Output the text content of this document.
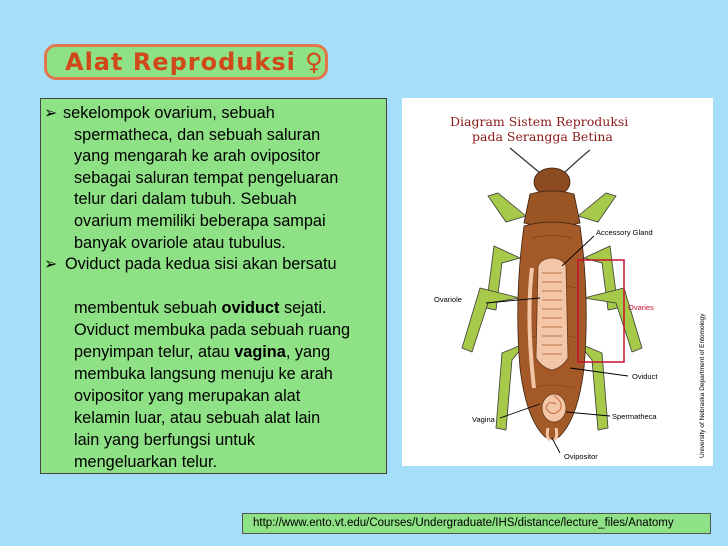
Alat Reproduksi ♀
➢ sekelompok ovarium, sebuah
spermatheca, dan sebuah saluran
yang mengarah ke arah ovipositor
sebagai saluran tempat pengeluaran
telur dari dalam tubuh. Sebuah
ovarium memiliki beberapa sampai
banyak ovariole atau tubulus.
➢ Oviduct pada kedua sisi akan bersatu
membentuk sebuah oviduct sejati.
Oviduct membuka pada sebuah ruang
penyimpan telur, atau vagina, yang
membuka langsung menuju ke arah
ovipositor yang merupakan alat
kelamin luar, atau sebuah alat lain
lain yang berfungsi untuk
mengeluarkan telur.
Diagram Sistem Reproduksi
pada Serangga Betina
Accessory Gland
Ovariole
Ovaries
Oviduct
Vagina	Spermatheca
Ovipositor	University of Nebraska Department of Entomology
http://www.ento.vt.edu/Courses/Undergraduate/IHS/distance/lecture_files/Anatomy
